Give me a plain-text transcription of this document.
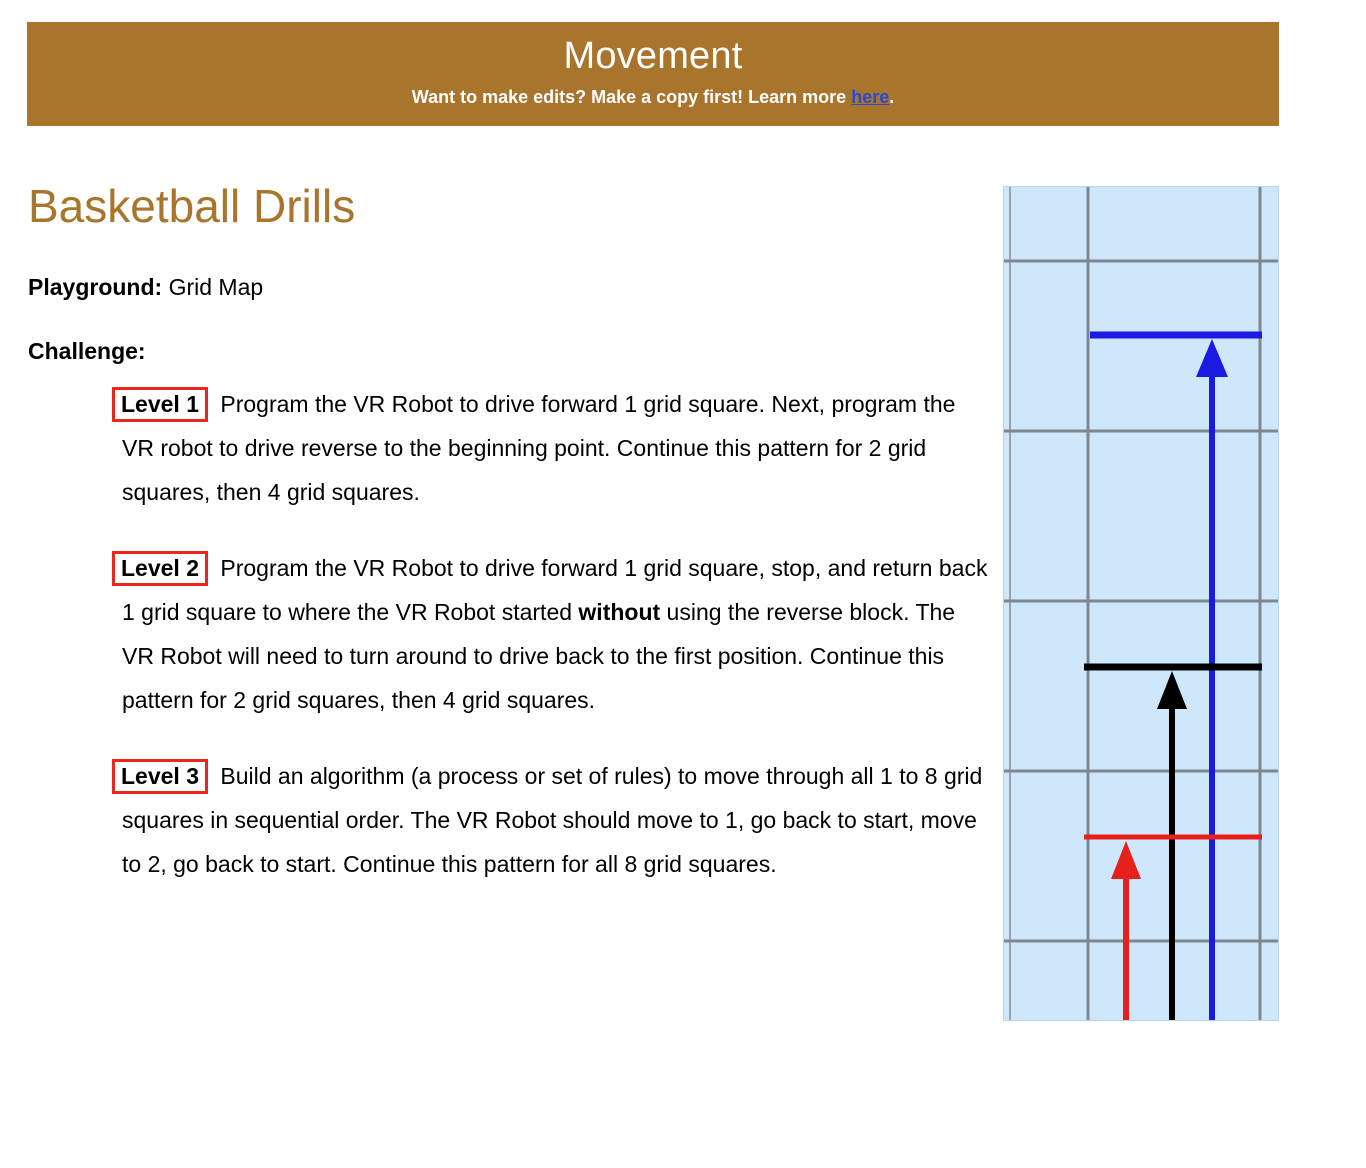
Movement
Want to make edits? Make a copy first! Learn more here.
Basketball Drills
Playground: Grid Map
Challenge:
Level 1 Program the VR Robot to drive forward 1 grid square. Next, program the VR robot to drive reverse to the beginning point. Continue this pattern for 2 grid squares, then 4 grid squares.
Level 2 Program the VR Robot to drive forward 1 grid square, stop, and return back 1 grid square to where the VR Robot started without using the reverse block. The VR Robot will need to turn around to drive back to the first position. Continue this pattern for 2 grid squares, then 4 grid squares.
Level 3 Build an algorithm (a process or set of rules) to move through all 1 to 8 grid squares in sequential order. The VR Robot should move to 1, go back to start, move to 2, go back to start. Continue this pattern for all 8 grid squares.
